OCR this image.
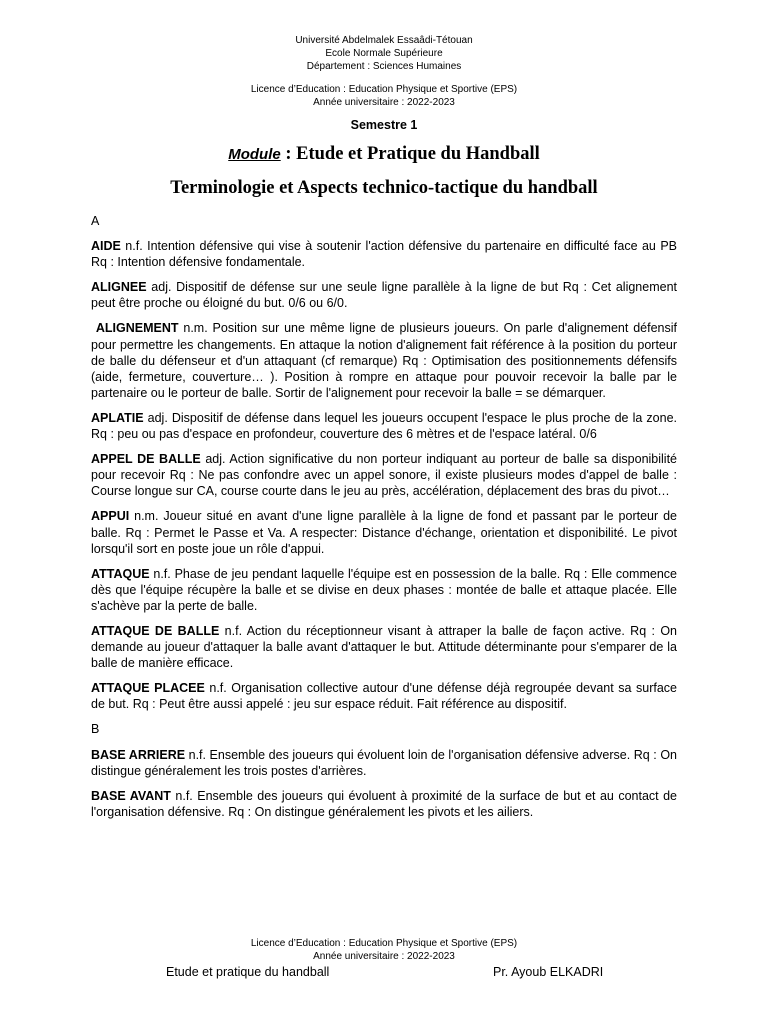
Université Abdelmalek Essaâdi-Tétouan
Ecole Normale Supérieure
Département : Sciences Humaines
Licence d’Education : Education Physique et Sportive (EPS)
Année universitaire : 2022-2023
Semestre 1
Module : Etude et Pratique du Handball
Terminologie et Aspects technico-tactique du handball
A

AIDE n.f. Intention défensive qui vise à soutenir l'action défensive du partenaire en difficulté face au PB Rq : Intention défensive fondamentale.

ALIGNEE adj. Dispositif de défense sur une seule ligne parallèle à la ligne de but Rq : Cet alignement peut être proche ou éloigné du but. 0/6 ou 6/0.

ALIGNEMENT n.m. Position sur une même ligne de plusieurs joueurs. On parle d'alignement défensif pour permettre les changements. En attaque la notion d'alignement fait référence à la position du porteur de balle du défenseur et d'un attaquant (cf remarque) Rq : Optimisation des positionnements défensifs (aide, fermeture, couverture… ). Position à rompre en attaque pour pouvoir recevoir la balle par le partenaire ou le porteur de balle. Sortir de l'alignement pour recevoir la balle = se démarquer.

APLATIE adj. Dispositif de défense dans lequel les joueurs occupent l'espace le plus proche de la zone. Rq : peu ou pas d'espace en profondeur, couverture des 6 mètres et de l'espace latéral. 0/6

APPEL DE BALLE adj. Action significative du non porteur indiquant au porteur de balle sa disponibilité pour recevoir Rq : Ne pas confondre avec un appel sonore, il existe plusieurs modes d'appel de balle : Course longue sur CA, course courte dans le jeu au près, accélération, déplacement des bras du pivot…

APPUI n.m. Joueur situé en avant d'une ligne parallèle à la ligne de fond et passant par le porteur de balle. Rq : Permet le Passe et Va. A respecter: Distance d'échange, orientation et disponibilité. Le pivot lorsqu'il sort en poste joue un rôle d'appui.

ATTAQUE n.f. Phase de jeu pendant laquelle l'équipe est en possession de la balle. Rq : Elle commence dès que l'équipe récupère la balle et se divise en deux phases : montée de balle et attaque placée. Elle s'achève par la perte de balle.

ATTAQUE DE BALLE n.f. Action du réceptionneur visant à attraper la balle de façon active. Rq : On demande au joueur d'attaquer la balle avant d'attaquer le but. Attitude déterminante pour s'emparer de la balle de manière efficace.

ATTAQUE PLACEE n.f. Organisation collective autour d'une défense déjà regroupée devant sa surface de but. Rq : Peut être aussi appelé : jeu sur espace réduit. Fait référence au dispositif.

B

BASE ARRIERE n.f. Ensemble des joueurs qui évoluent loin de l'organisation défensive adverse. Rq : On distingue généralement les trois postes d'arrières.

BASE AVANT n.f. Ensemble des joueurs qui évoluent à proximité de la surface de but et au contact de l'organisation défensive. Rq : On distingue généralement les pivots et les ailiers.

Licence d’Education : Education Physique et Sportive (EPS)
Année universitaire : 2022-2023
Etude et pratique du handball	Pr. Ayoub ELKADRI
